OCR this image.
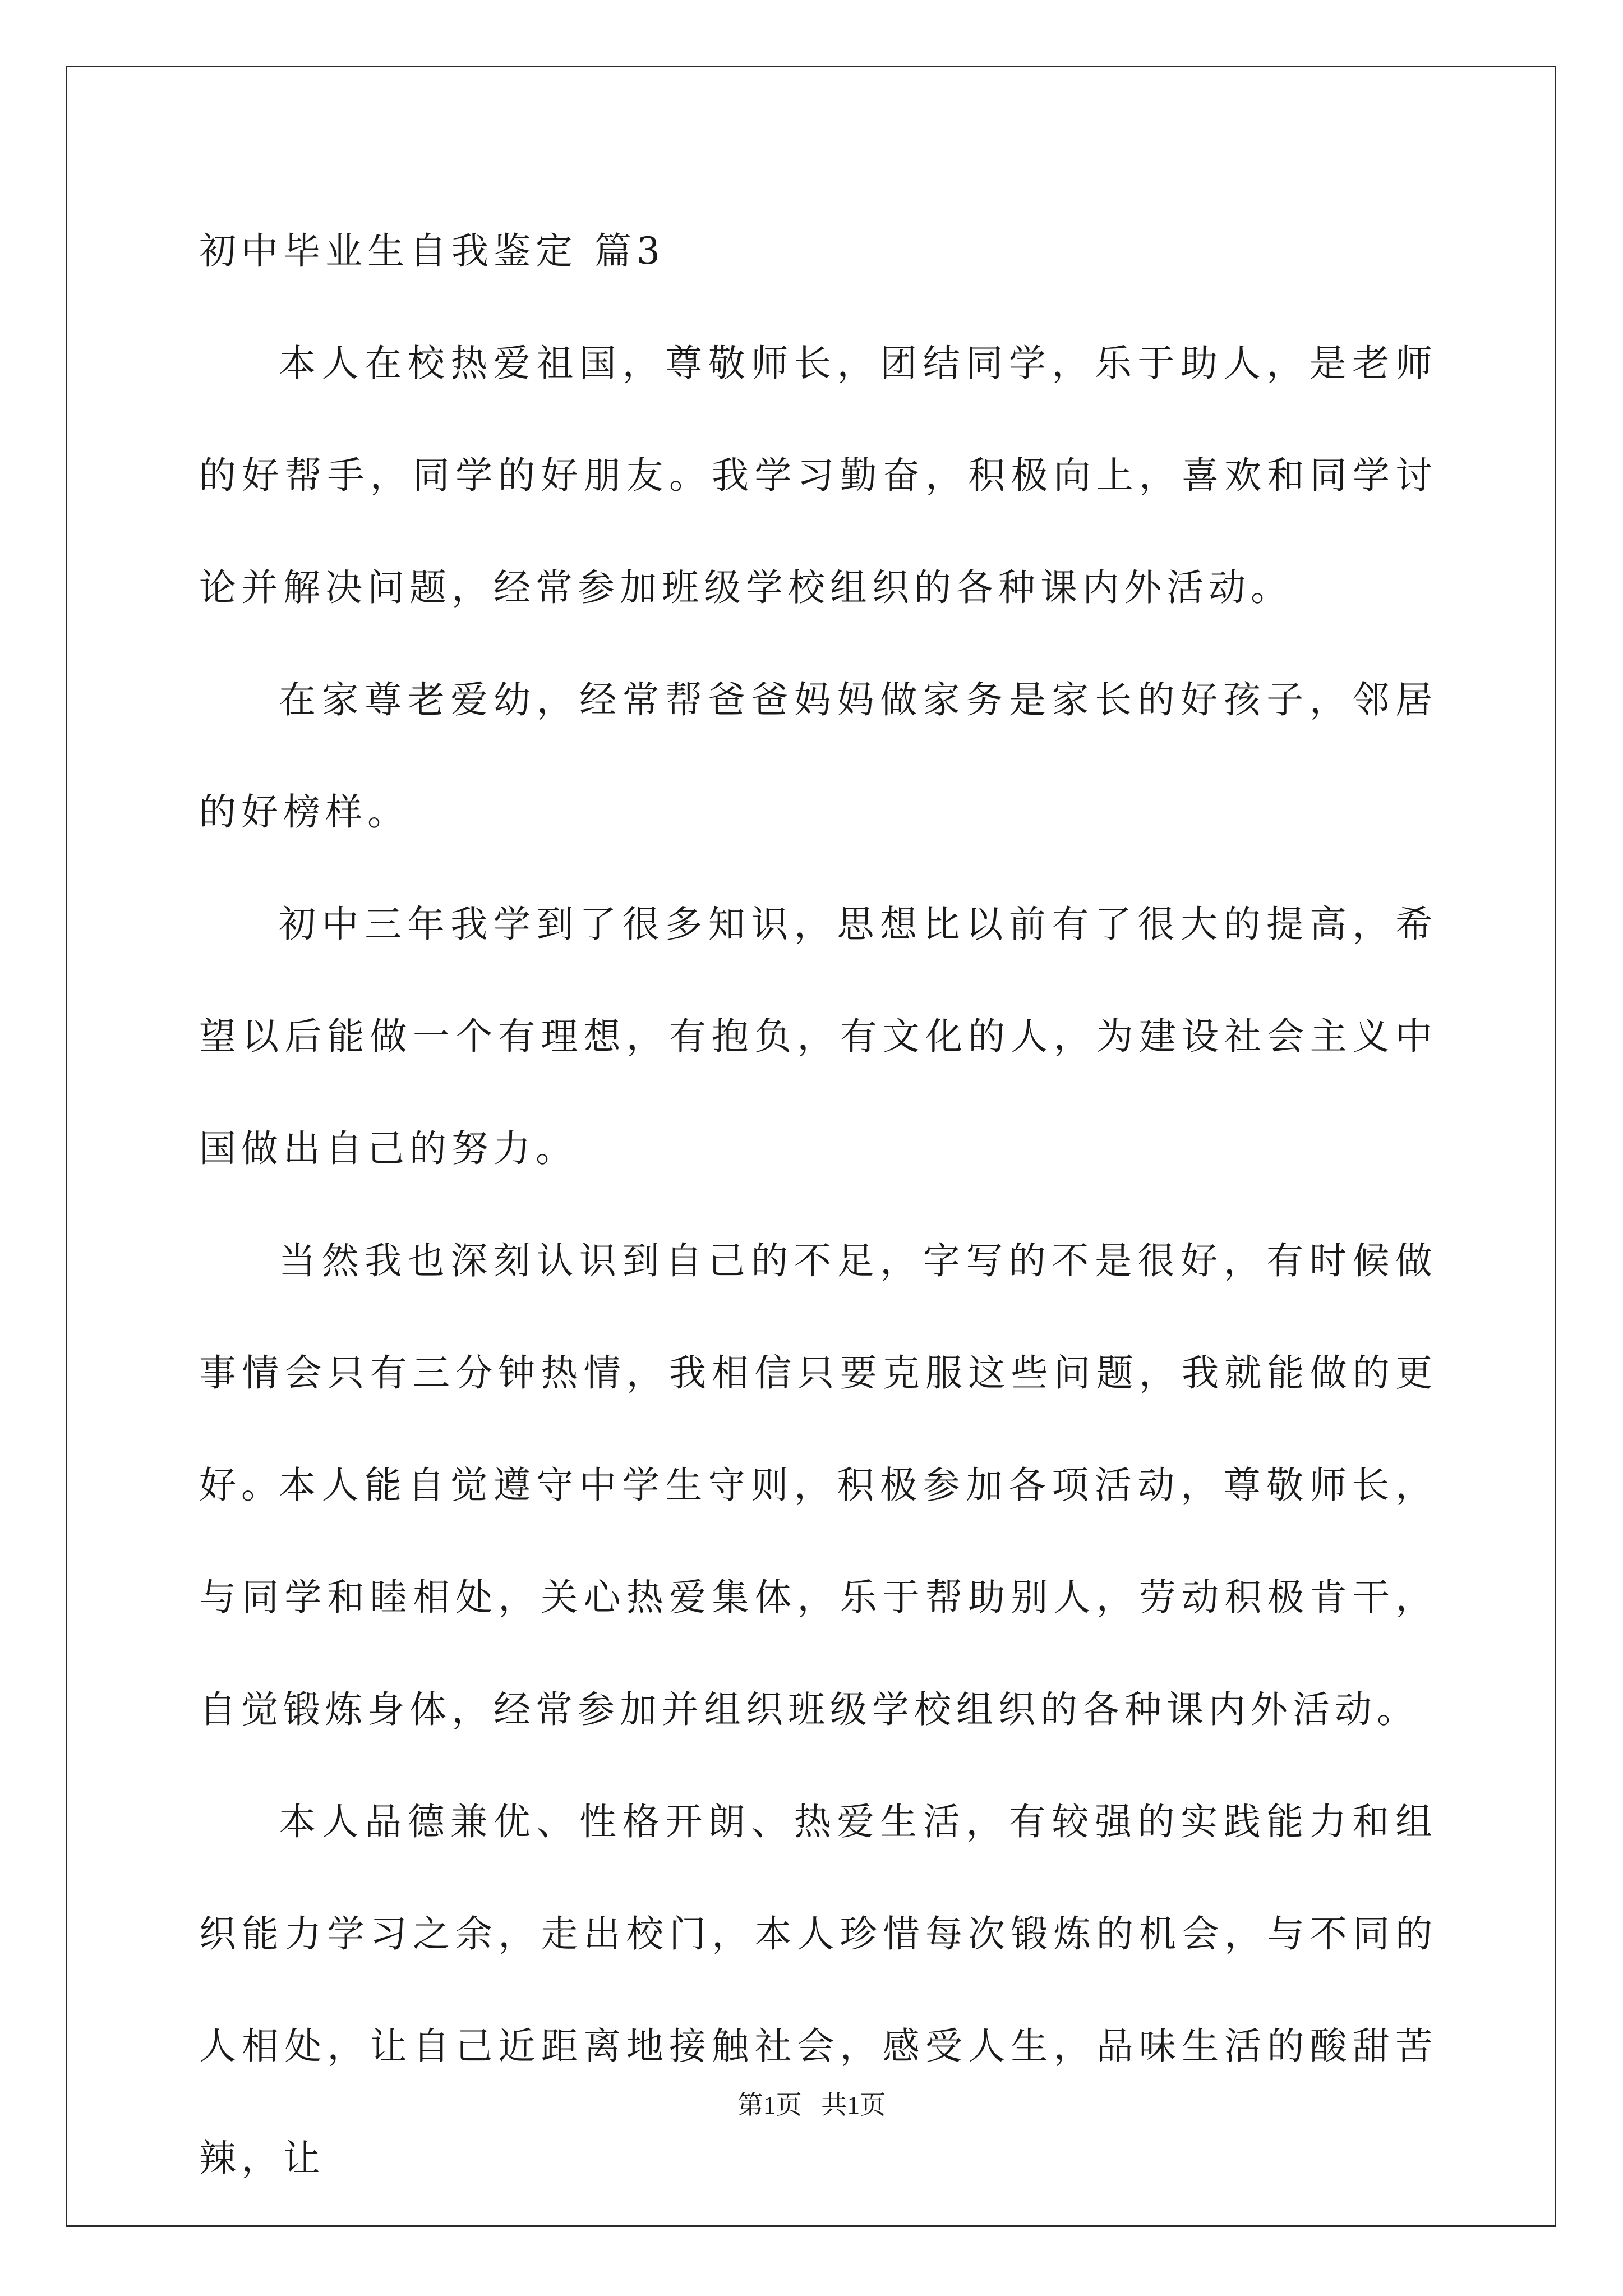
初中毕业生自我鉴定 篇3

本人在校热爱祖国，尊敬师长，团结同学，乐于助人，是老师的好帮手，同学的好朋友。我学习勤奋，积极向上，喜欢和同学讨论并解决问题，经常参加班级学校组织的各种课内外活动。

在家尊老爱幼，经常帮爸爸妈妈做家务是家长的好孩子，邻居的好榜样。

初中三年我学到了很多知识，思想比以前有了很大的提高，希望以后能做一个有理想，有抱负，有文化的人，为建设社会主义中国做出自己的努力。

当然我也深刻认识到自己的不足，字写的不是很好，有时候做事情会只有三分钟热情，我相信只要克服这些问题，我就能做的更好。

本人能自觉遵守中学生守则，积极参加各项活动，尊敬师长，与同学和睦相处，关心热爱集体，乐于帮助别人，劳动积极肯干，自觉锻炼身体，经常参加并组织班级学校组织的各种课内外活动。

本人品德兼优、性格开朗、热爱生活，有较强的实践能力和组织能力学习之余，走出校门，本人珍惜每次锻炼的机会，与不同的人相处，让自己近距离地接触社会，感受人生，品味生活的酸甜苦辣，让

第1页   共1页
